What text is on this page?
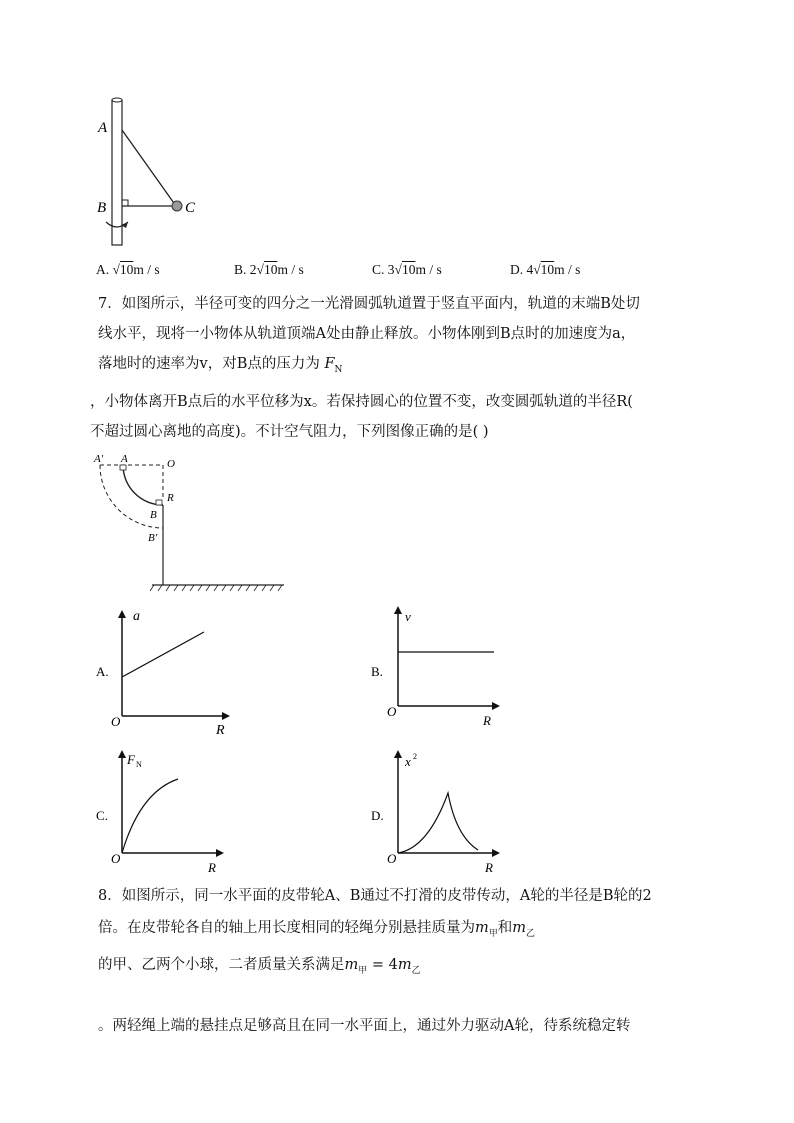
A
B	C
A. √10m / s	B. 2√10m / s	C. 3√10m / s	D. 4√10m / s
7．如图所示，半径可变的四分之一光滑圆弧轨道置于竖直平面内，轨道的末端B处切
线水平，现将一小物体从轨道顶端A处由静止释放。小物体刚到B点时的加速度为a，
落地时的速率为v，对B点的压力为 $F_N$
，小物体离开B点后的水平位移为x。若保持圆心的位置不变，改变圆弧轨道的半径R(
不超过圆心离地的高度)。不计空气阻力，下列图像正确的是( )
A′ A	O
R
B
B′
A.
a
R
O
B.
v
R
O
C.
F N
R
O
D.
x 2
R
O
8．如图所示，同一水平面的皮带轮A、B通过不打滑的皮带传动，A轮的半径是B轮的2
倍。在皮带轮各自的轴上用长度相同的轻绳分别悬挂质量为$m_甲$和$m_乙$
的甲、乙两个小球，二者质量关系满足$m_甲 = 4m_乙$
。两轻绳上端的悬挂点足够高且在同一水平面上，通过外力驱动A轮，待系统稳定转
